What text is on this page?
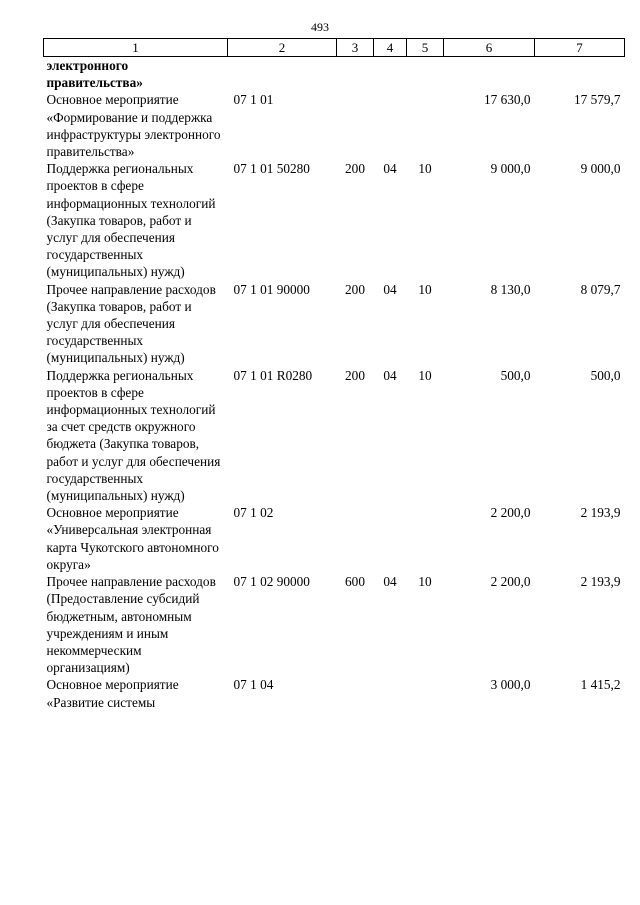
493
1	2	3	4	5	6	7
электронного правительства»						
Основное мероприятие «Формирование и поддержка инфраструктуры электронного правительства»	07 1 01				17 630,0	17 579,7
Поддержка региональных проектов в сфере информационных технологий (Закупка товаров, работ и услуг для обеспечения государственных (муниципальных) нужд)	07 1 01 50280	200	04	10	9 000,0	9 000,0
Прочее направление расходов (Закупка товаров, работ и услуг для обеспечения государственных (муниципальных) нужд)	07 1 01 90000	200	04	10	8 130,0	8 079,7
Поддержка региональных проектов в сфере информационных технологий за счет средств окружного бюджета (Закупка товаров, работ и услуг для обеспечения государственных (муниципальных) нужд)	07 1 01 R0280	200	04	10	500,0	500,0
Основное мероприятие «Универсальная электронная карта Чукотского автономного округа»	07 1 02				2 200,0	2 193,9
Прочее направление расходов (Предоставление субсидий бюджетным, автономным учреждениям и иным некоммерческим организациям)	07 1 02 90000	600	04	10	2 200,0	2 193,9
Основное мероприятие «Развитие системы	07 1 04				3 000,0	1 415,2
